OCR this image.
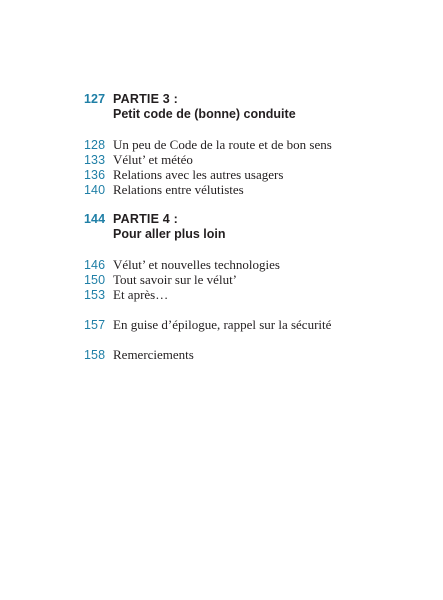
127 PARTIE 3 :
Petit code de (bonne) conduite
128 Un peu de Code de la route et de bon sens
133 Vélut’ et météo
136 Relations avec les autres usagers
140 Relations entre vélutistes
144 PARTIE 4 :
Pour aller plus loin
146 Vélut’ et nouvelles technologies
150 Tout savoir sur le vélut’
153 Et après…
157 En guise d’épilogue, rappel sur la sécurité
158 Remerciements
